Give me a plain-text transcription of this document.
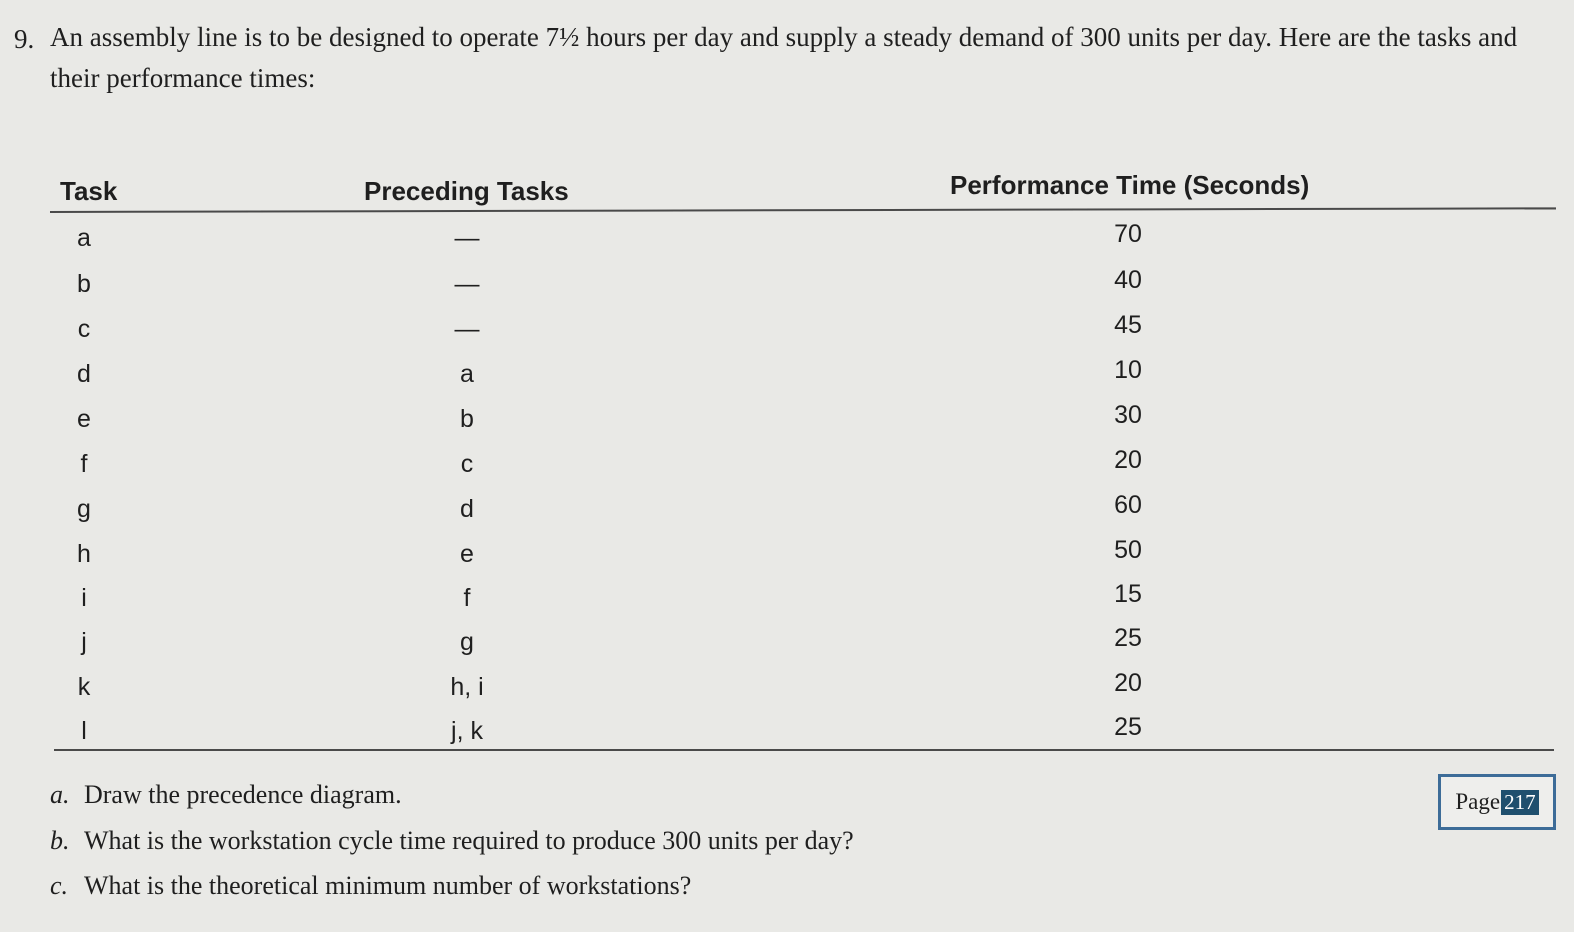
9. An assembly line is to be designed to operate 7½ hours per day and supply a steady demand of 300 units per day. Here are the tasks and
their performance times:
Task	Preceding Tasks	Performance Time (Seconds)
a	—	70
b	—	40
c	—	45
d	a	10
e	b	30
f	c	20
g	d	60
h	e	50
i	f	15
j	g	25
k	h, i	20
l	j, k	25
a. Draw the precedence diagram.
b. What is the workstation cycle time required to produce 300 units per day?
c. What is the theoretical minimum number of workstations?
Page 217
